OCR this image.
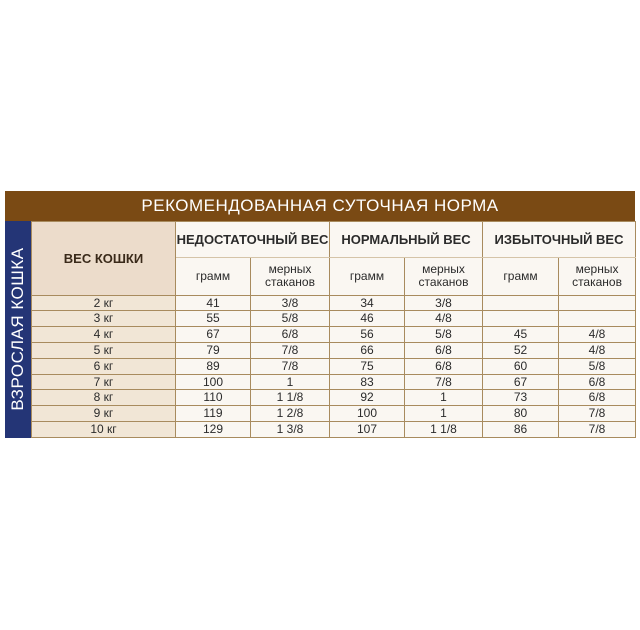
РЕКОМЕНДОВАННАЯ СУТОЧНАЯ НОРМА
ВЗРОСЛАЯ КОШКА	ВЕС КОШКИ	НЕДОСТАТОЧНЫЙ ВЕС		НОРМАЛЬНЫЙ ВЕС		ИЗБЫТОЧНЫЙ ВЕС	
	грамм	мерных стаканов	грамм	мерных стаканов	грамм	мерных стаканов
2 кг	41	3/8	34	3/8		
3 кг	55	5/8	46	4/8		
4 кг	67	6/8	56	5/8	45	4/8
5 кг	79	7/8	66	6/8	52	4/8
6 кг	89	7/8	75	6/8	60	5/8
7 кг	100	1	83	7/8	67	6/8
8 кг	110	1 1/8	92	1	73	6/8
9 кг	119	1 2/8	100	1	80	7/8
10 кг	129	1 3/8	107	1 1/8	86	7/8
